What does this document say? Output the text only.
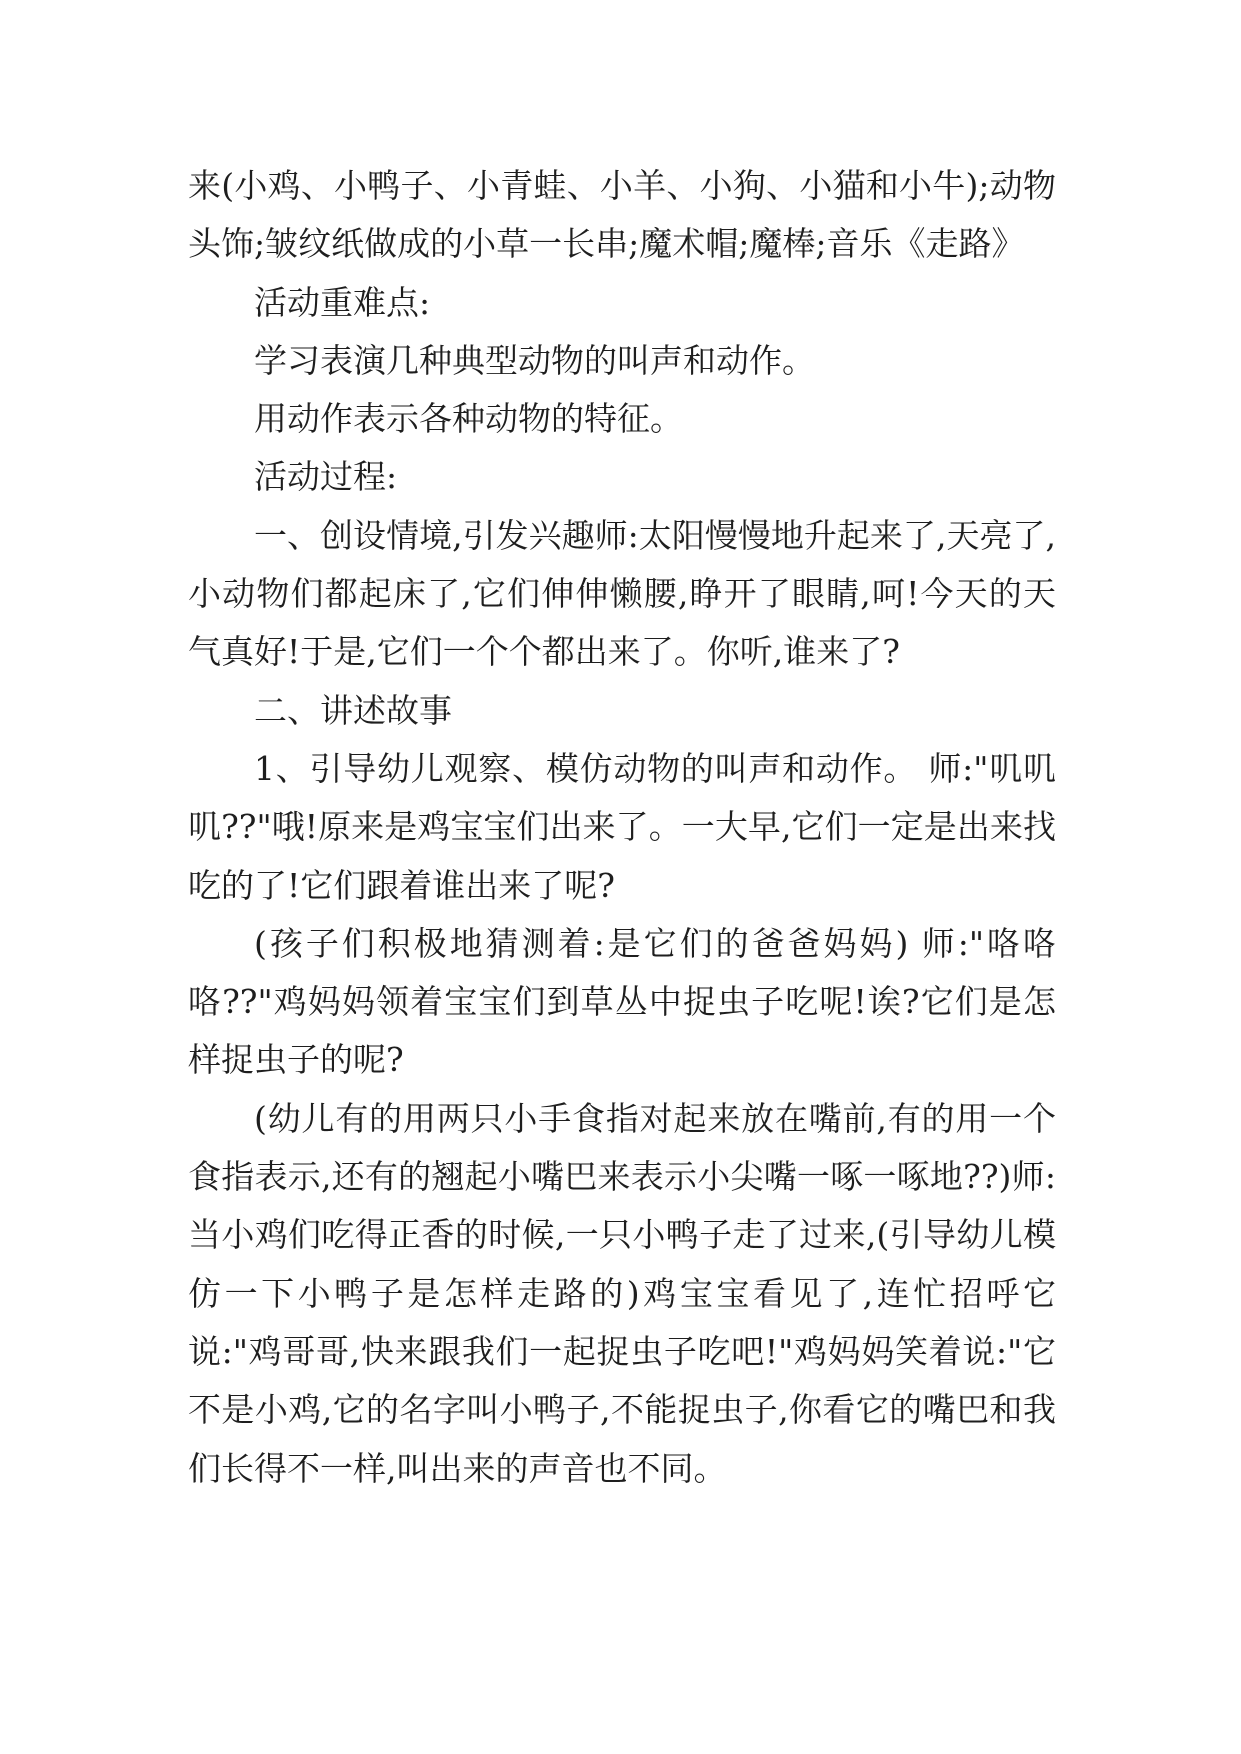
来(小鸡、小鸭子、小青蛙、小羊、小狗、小猫和小牛);动物头饰;皱纹纸做成的小草一长串;魔术帽;魔棒;音乐《走路》

活动重难点:

学习表演几种典型动物的叫声和动作。

用动作表示各种动物的特征。

活动过程:

一、创设情境,引发兴趣师:太阳慢慢地升起来了,天亮了,小动物们都起床了,它们伸伸懒腰,睁开了眼睛,呵!今天的天气真好!于是,它们一个个都出来了。你听,谁来了?

二、讲述故事

1、引导幼儿观察、模仿动物的叫声和动作。 师:"叽叽叽??"哦!原来是鸡宝宝们出来了。一大早,它们一定是出来找吃的了!它们跟着谁出来了呢?

(孩子们积极地猜测着:是它们的爸爸妈妈) 师:"咯咯咯??"鸡妈妈领着宝宝们到草丛中捉虫子吃呢!诶?它们是怎样捉虫子的呢?

(幼儿有的用两只小手食指对起来放在嘴前,有的用一个食指表示,还有的翘起小嘴巴来表示小尖嘴一啄一啄地??)师:当小鸡们吃得正香的时候,一只小鸭子走了过来,(引导幼儿模仿一下小鸭子是怎样走路的)鸡宝宝看见了,连忙招呼它说:"鸡哥哥,快来跟我们一起捉虫子吃吧!"鸡妈妈笑着说:"它不是小鸡,它的名字叫小鸭子,不能捉虫子,你看它的嘴巴和我们长得不一样,叫出来的声音也不同。
